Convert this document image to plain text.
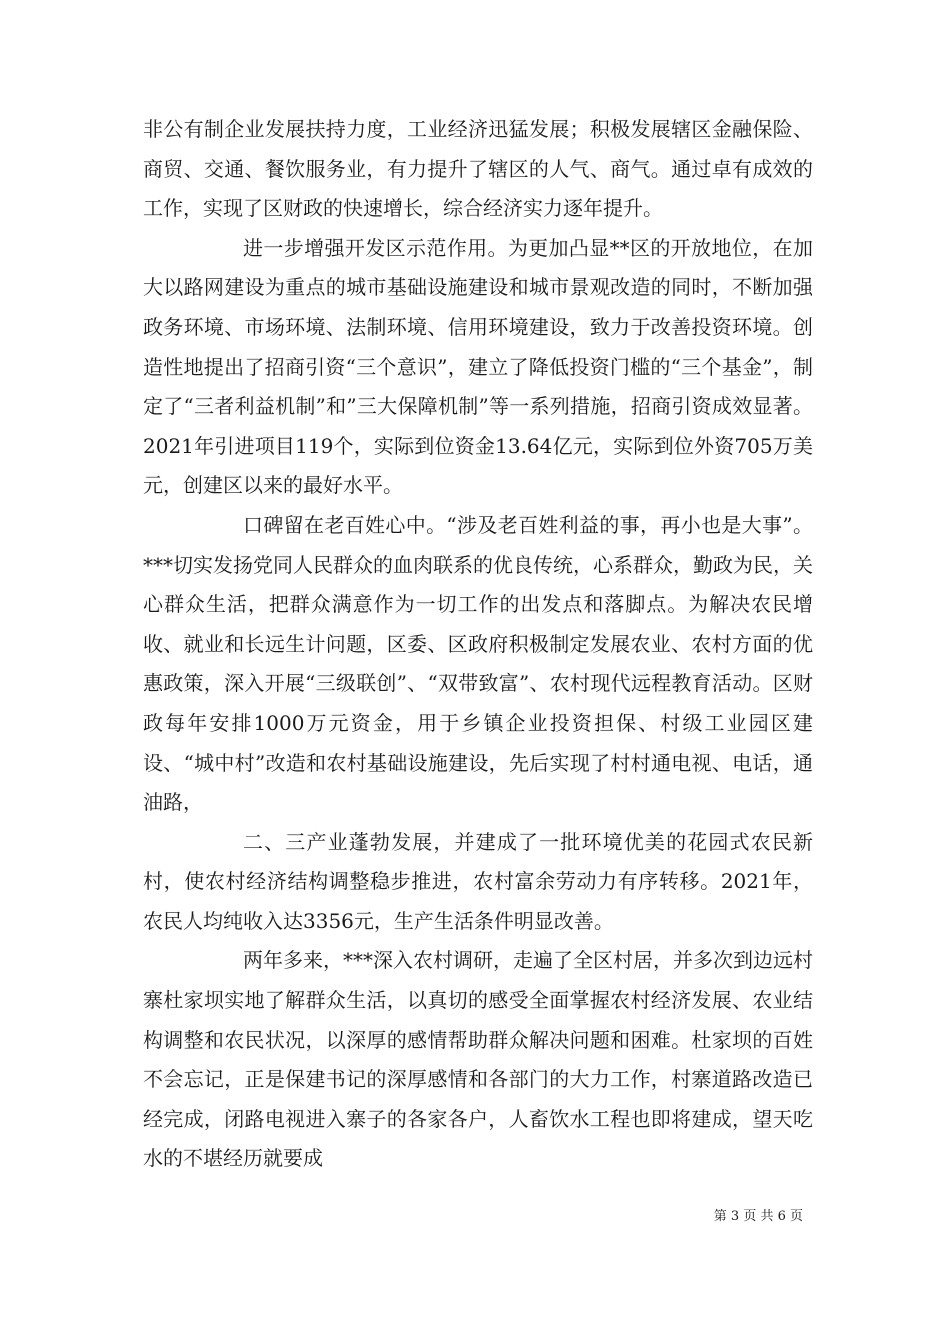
非公有制企业发展扶持力度，工业经济迅猛发展；积极发展辖区金融保险、商贸、交通、餐饮服务业，有力提升了辖区的人气、商气。通过卓有成效的工作，实现了区财政的快速增长，综合经济实力逐年提升。

进一步增强开发区示范作用。为更加凸显**区的开放地位，在加大以路网建设为重点的城市基础设施建设和城市景观改造的同时，不断加强政务环境、市场环境、法制环境、信用环境建设，致力于改善投资环境。创造性地提出了招商引资“三个意识”，建立了降低投资门槛的“三个基金”，制定了“三者利益机制”和”三大保障机制”等一系列措施，招商引资成效显著。2021年引进项目119个，实际到位资金13.64亿元，实际到位外资705万美元，创建区以来的最好水平。

口碑留在老百姓心中。“涉及老百姓利益的事，再小也是大事”。***切实发扬党同人民群众的血肉联系的优良传统，心系群众，勤政为民，关心群众生活，把群众满意作为一切工作的出发点和落脚点。为解决农民增收、就业和长远生计问题，区委、区政府积极制定发展农业、农村方面的优惠政策，深入开展“三级联创”、“双带致富”、农村现代远程教育活动。区财政每年安排1000万元资金，用于乡镇企业投资担保、村级工业园区建设、“城中村”改造和农村基础设施建设，先后实现了村村通电视、电话，通油路，

二、三产业蓬勃发展，并建成了一批环境优美的花园式农民新村，使农村经济结构调整稳步推进，农村富余劳动力有序转移。2021年，农民人均纯收入达3356元，生产生活条件明显改善。

两年多来，***深入农村调研，走遍了全区村居，并多次到边远村寨杜家坝实地了解群众生活，以真切的感受全面掌握农村经济发展、农业结构调整和农民状况，以深厚的感情帮助群众解决问题和困难。杜家坝的百姓不会忘记，正是保建书记的深厚感情和各部门的大力工作，村寨道路改造已经完成，闭路电视进入寨子的各家各户，人畜饮水工程也即将建成，望天吃水的不堪经历就要成

第 3 页 共 6 页
